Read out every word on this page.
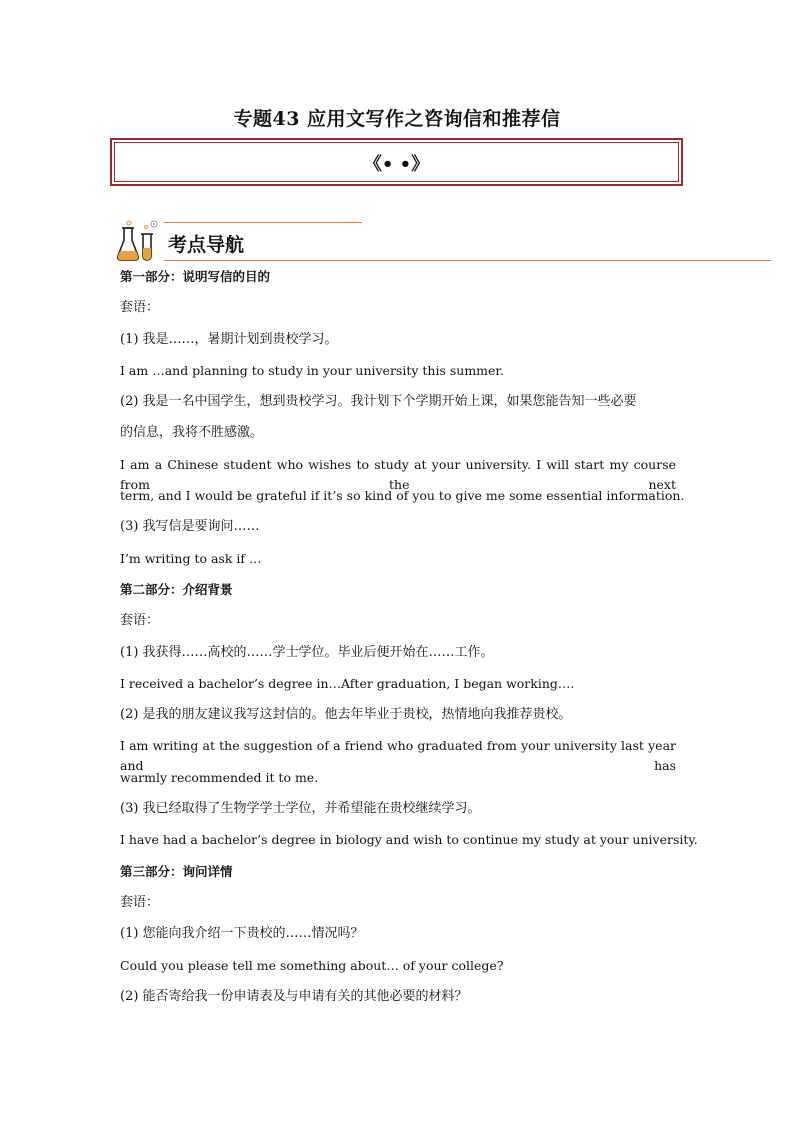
专题43 应用文写作之咨询信和推荐信
《• •》
考点导航
第一部分：说明写信的目的
套语：
(1) 我是……，暑期计划到贵校学习。
I am …and planning to study in your university this summer.
(2) 我是一名中国学生，想到贵校学习。我计划下个学期开始上课，如果您能告知一些必要
的信息，我将不胜感激。
I am a Chinese student who wishes to study at your university. I will start my course from the next
term, and I would be grateful if it’s so kind of you to give me some essential information.
(3) 我写信是要询问……
I’m writing to ask if …
第二部分：介绍背景
套语：
(1) 我获得……高校的……学士学位。毕业后便开始在……工作。
I received a bachelor’s degree in…After graduation, I began working….
(2) 是我的朋友建议我写这封信的。他去年毕业于贵校，热情地向我推荐贵校。
I am writing at the suggestion of a friend who graduated from your university last year and has
warmly recommended it to me.
(3) 我已经取得了生物学学士学位，并希望能在贵校继续学习。
I have had a bachelor’s degree in biology and wish to continue my study at your university.
第三部分：询问详情
套语：
(1) 您能向我介绍一下贵校的……情况吗？
Could you please tell me something about… of your college?
(2) 能否寄给我一份申请表及与申请有关的其他必要的材料？
